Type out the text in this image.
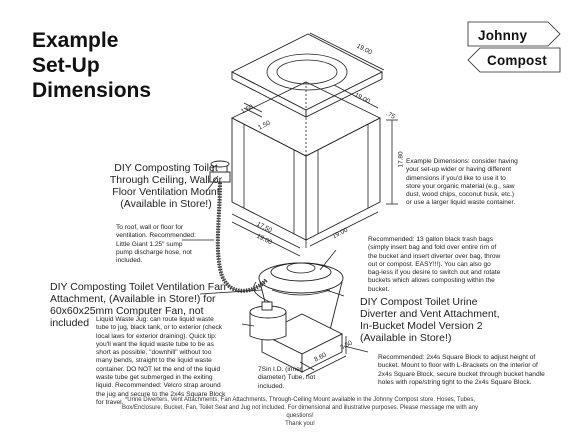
Example
Set-Up
Dimensions
Johnny
Compost
19.00
19.00
.75
1.50
1.50
17.80
17.50
19.00	19.00
3.50
8.60
DIY Composting Toilet
Through Ceiling, Wall or
Floor Ventilation Mount
(Available in Store!)
To roof, wall or floor for
ventilation. Recommended:
Little Giant 1.25" sump
pump discharge hose, not
included.
DIY Composting Toilet Ventilation Fan
Attachment, (Available in Store!) for
60x60x25mm Computer Fan, not
included	Liquid Waste Jug: can route liquid waste
tube to jug, black tank, or to exterior (check
local laws for exterior draining). Quick tip:
you'll want the liquid waste tube to be as
short as possible, "downhill" without too
many bends, straight to the liquid waste
container. DO NOT let the end of the liquid
waste tube get submerged in the exiting
liquid. Recommended: Velcro strap around
the jug and secure to the 2x4s Square Block
for travel.
7Sin I.D. (inner
diameter) Tube, not
included.
Example Dimensions: consider having
your set-up wider or having different
dimensions if you'd like to use it to
store your organic material (e.g., saw
dust, wood chips, coconut husk, etc.)
or use a larger liquid waste container.
Recommended: 13 gallon black trash bags
(simply insert bag and fold over entire rim of
the bucket and insert diverter over bag, throw
out or compost. EASY!!!). You can also go
bag-less if you desire to switch out and rotate
buckets which allows composting within the
bucket.
DIY Compost Toilet Urine
Diverter and Vent Attachment,
In-Bucket Model Version 2
(Available in Store!)
Recommended: 2x4s Square Block to adjust height of
bucket. Mount to floor with L-Brackets on the interior of
2x4s Square Block, secure bucket through bucket handle
holes with rope/string tight to the 2x4s Square Block.
*Urine Diverters, Vent Attachments, Fan Attachments, Through-Ceiling Mount available in the Johnny Compost store. Hoses, Tubes,
Box/Enclosure, Bucket, Fan, Toilet Seat and Jug not included. For dimensional and illustrative purposes. Please message me with any questions!
Thank you!
